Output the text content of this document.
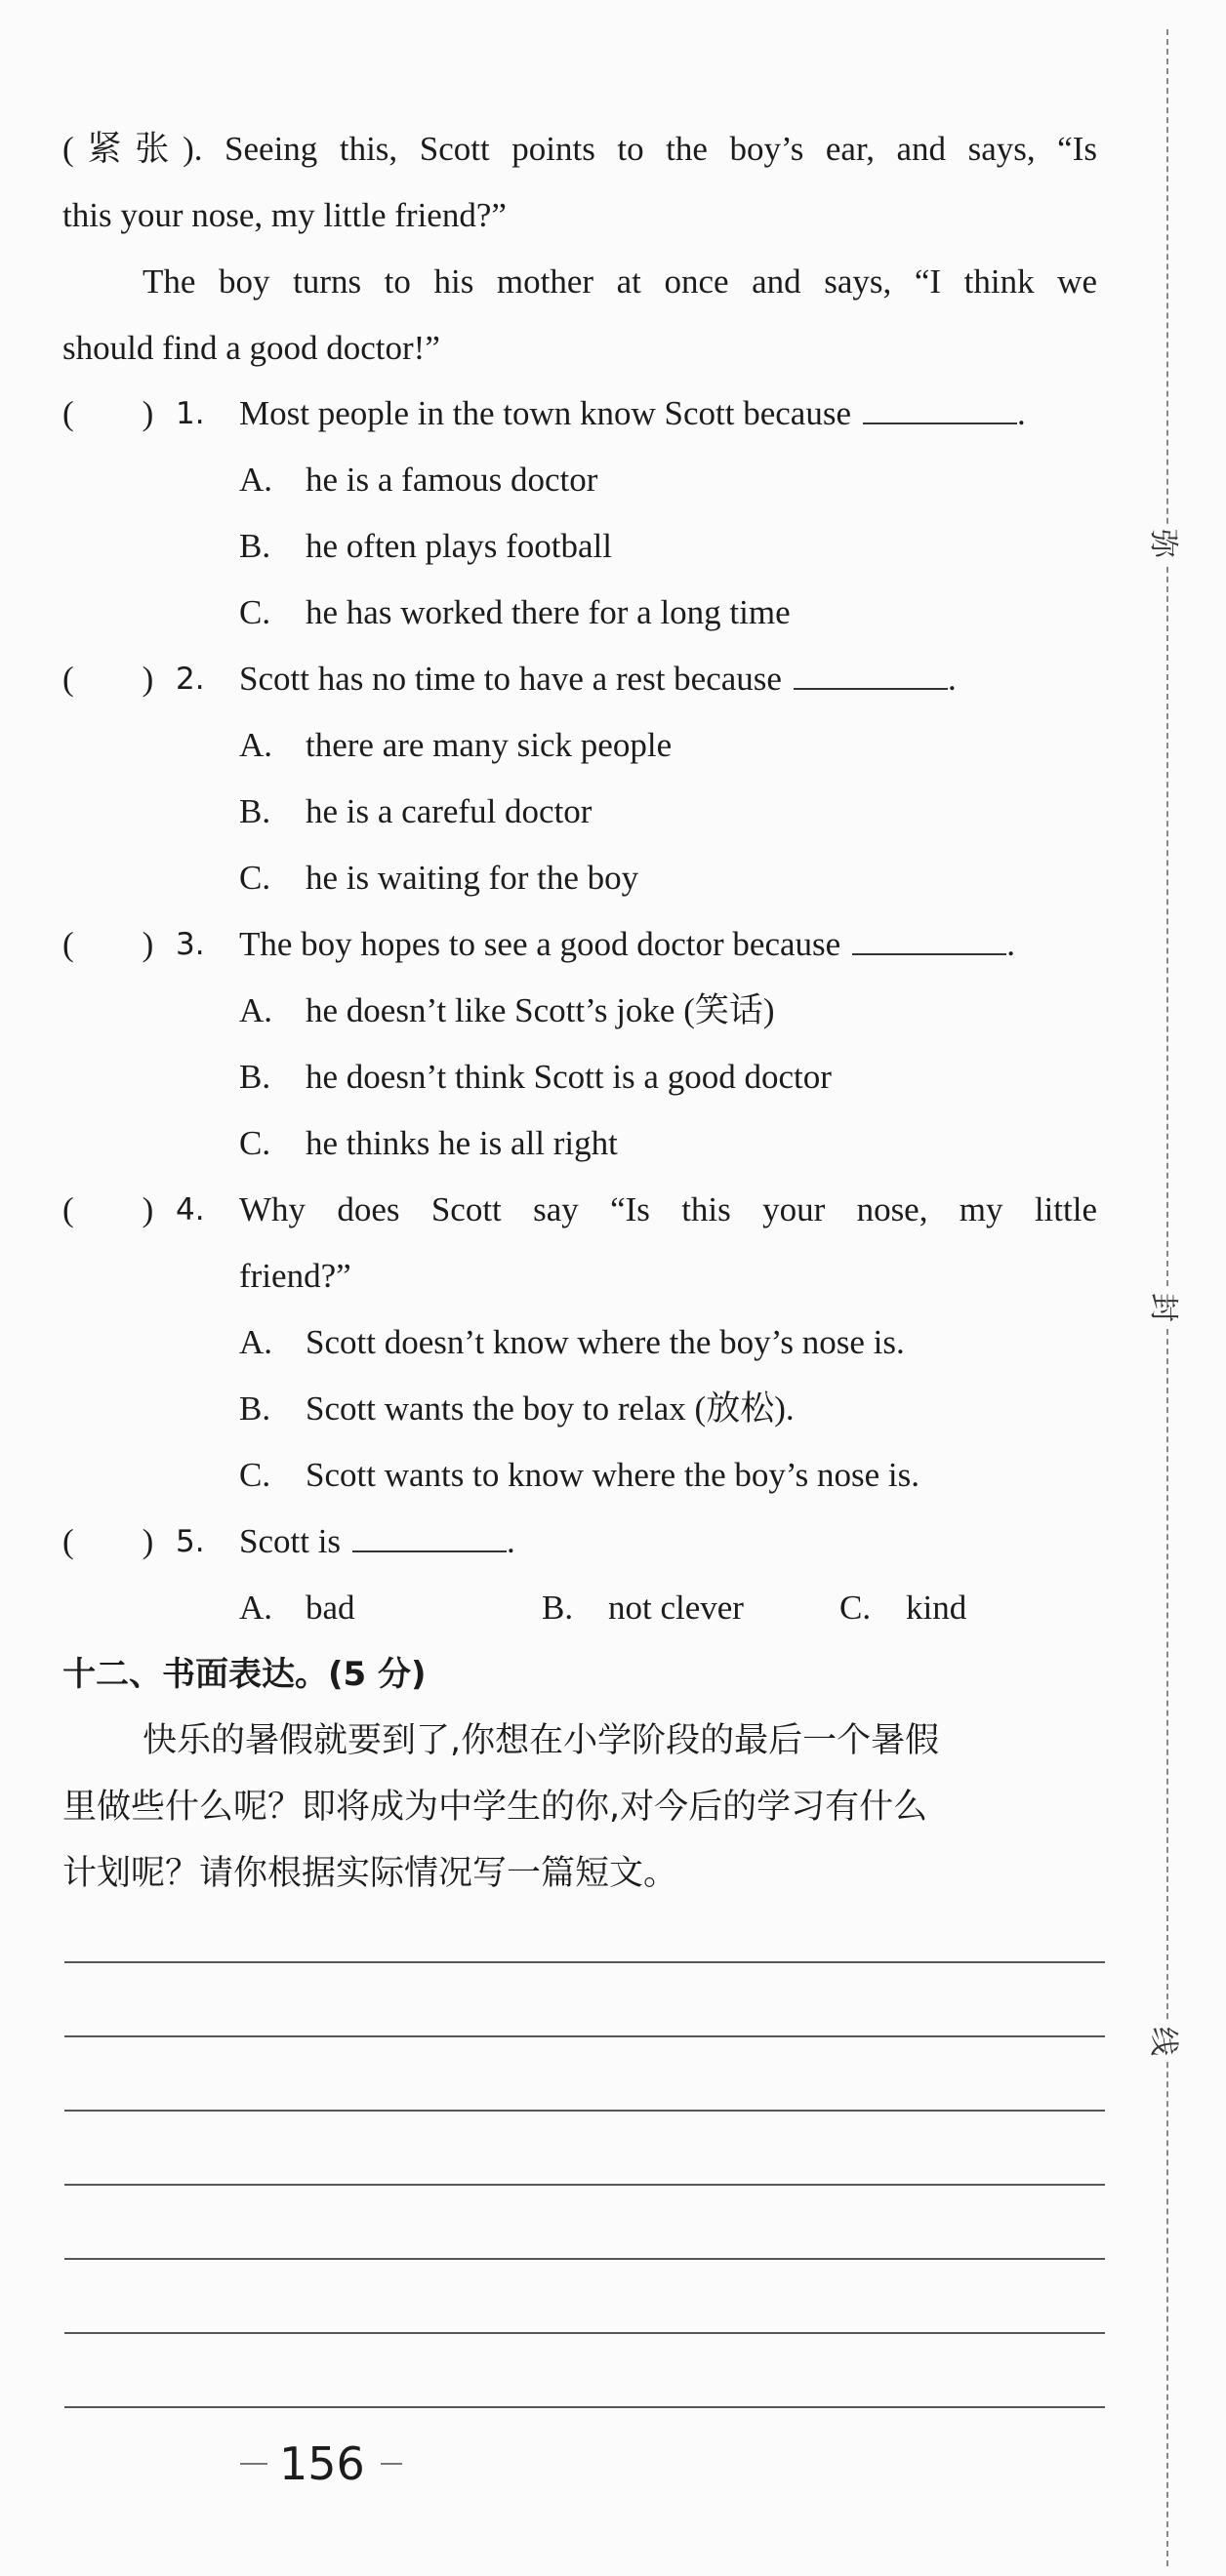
(紧张). Seeing this, Scott points to the boy’s ear, and says, “Is
this your nose, my little friend?”
The boy turns to his mother at once and says, “I think we
should find a good doctor!”
(　　) 1. Most people in the town know Scott because	.
A. he is a famous doctor
B. he often plays football
C. he has worked there for a long time
(　　) 2. Scott has no time to have a rest because	.
A. there are many sick people
B. he is a careful doctor
C. he is waiting for the boy
(　　) 3. The boy hopes to see a good doctor because	.
A. he doesn’t like Scott’s joke (笑话)
B. he doesn’t think Scott is a good doctor
C. he thinks he is all right
(　　) 4. Why does Scott say “Is this your nose, my little
friend?”
A. Scott doesn’t know where the boy’s nose is.
B. Scott wants the boy to relax (放松).
C. Scott wants to know where the boy’s nose is.
(　　) 5. Scott is	.
A. bad	B. not clever	C. kind
十二、书面表达。(5 分)
快乐的暑假就要到了,你想在小学阶段的最后一个暑假
里做些什么呢？即将成为中学生的你,对今后的学习有什么
计划呢？请你根据实际情况写一篇短文。
156
弥
封
线
